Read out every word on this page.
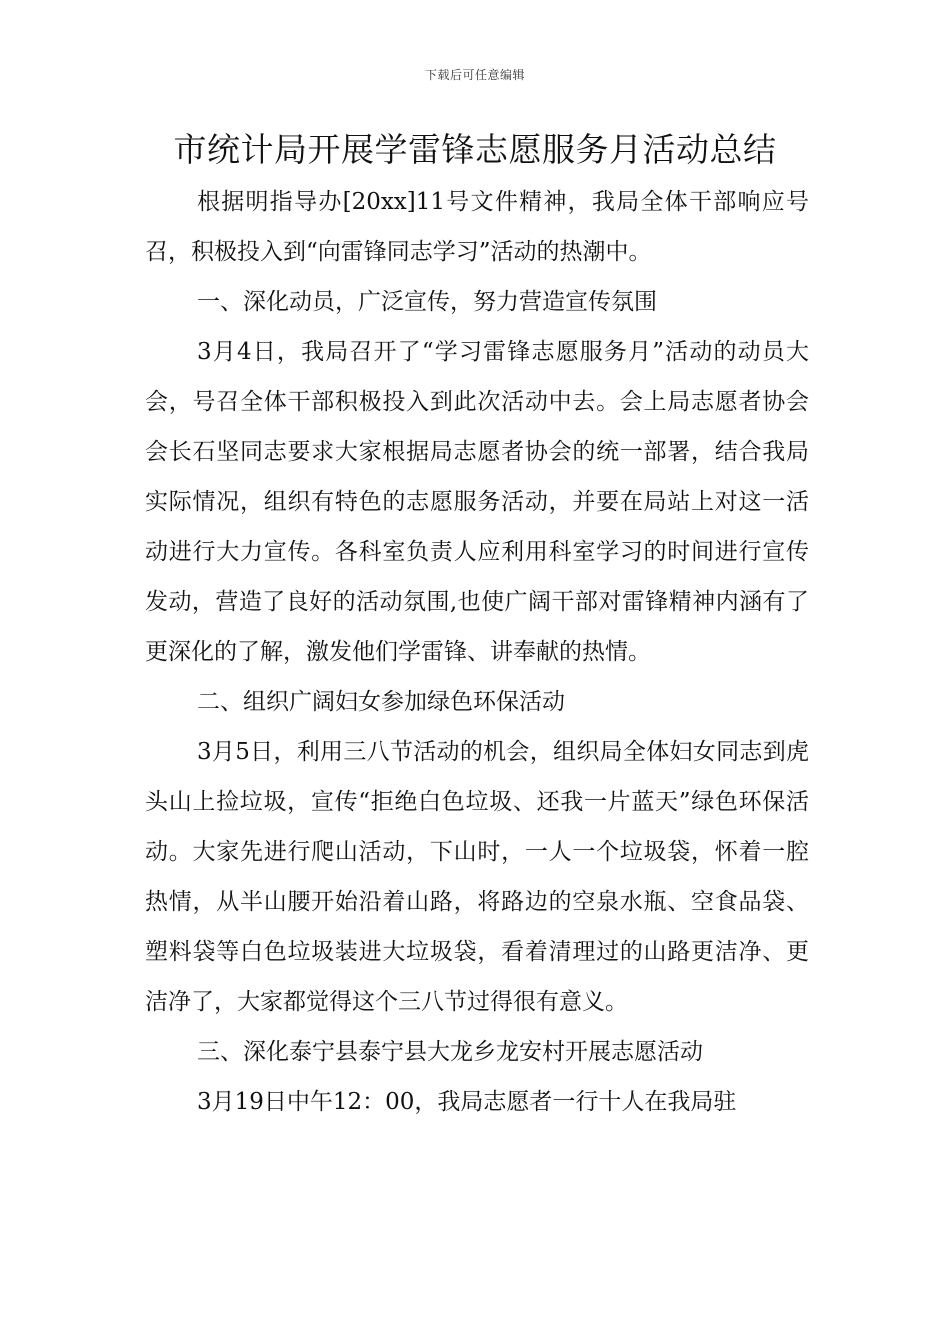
下载后可任意编辑
市统计局开展学雷锋志愿服务月活动总结

根据明指导办[20xx]11号文件精神，我局全体干部响应号召，积极投入到“向雷锋同志学习”活动的热潮中。

一、深化动员，广泛宣传，努力营造宣传氛围

3月4日，我局召开了“学习雷锋志愿服务月”活动的动员大会，号召全体干部积极投入到此次活动中去。会上局志愿者协会会长石坚同志要求大家根据局志愿者协会的统一部署，结合我局实际情况，组织有特色的志愿服务活动，并要在局站上对这一活动进行大力宣传。各科室负责人应利用科室学习的时间进行宣传发动，营造了良好的活动氛围,也使广阔干部对雷锋精神内涵有了更深化的了解，激发他们学雷锋、讲奉献的热情。

二、组织广阔妇女参加绿色环保活动

3月5日，利用三八节活动的机会，组织局全体妇女同志到虎头山上捡垃圾，宣传“拒绝白色垃圾、还我一片蓝天”绿色环保活动。大家先进行爬山活动，下山时，一人一个垃圾袋，怀着一腔热情，从半山腰开始沿着山路，将路边的空泉水瓶、空食品袋、塑料袋等白色垃圾装进大垃圾袋，看着清理过的山路更洁净、更洁净了，大家都觉得这个三八节过得很有意义。

三、深化泰宁县泰宁县大龙乡龙安村开展志愿活动

3月19日中午12：00，我局志愿者一行十人在我局驻
